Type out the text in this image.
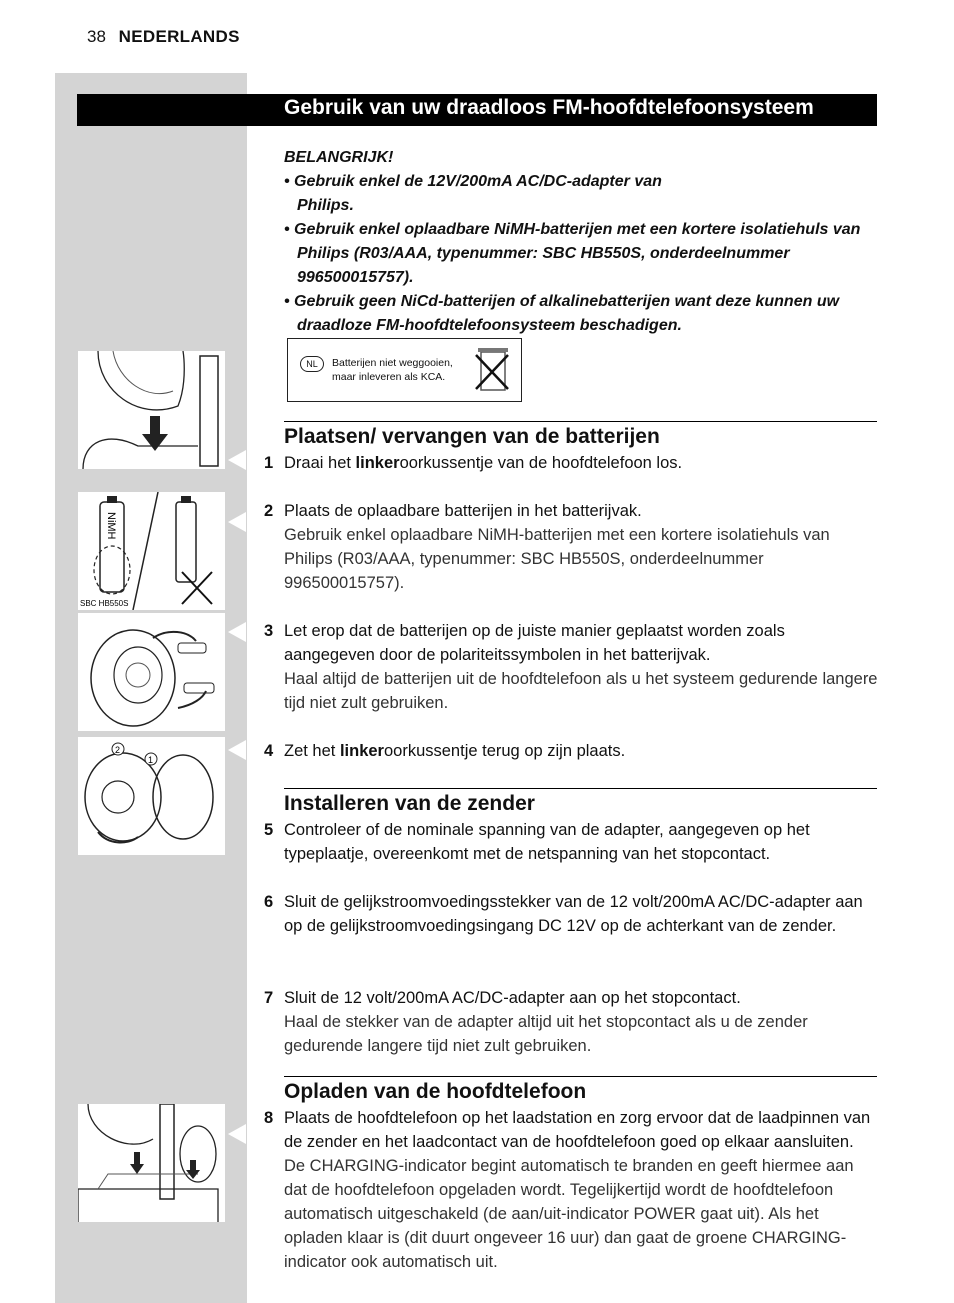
38 NEDERLANDS
Gebruik van uw draadloos FM-hoofdtelefoonsysteem
BELANGRIJK!
• Gebruik enkel de 12V/200mA AC/DC-adapter van Philips.
• Gebruik enkel oplaadbare NiMH-batterijen met een kortere isolatiehuls van Philips (R03/AAA, typenummer: SBC HB550S, onderdeelnummer 996500015757).
• Gebruik geen NiCd-batterijen of alkalinebatterijen want deze kunnen uw draadloze FM-hoofdtelefoonsysteem beschadigen.
NL	Batterijen niet weggooien,
maar inleveren als KCA.
NiMH
SBC HB550S
2
1
Plaatsen/ vervangen van de batterijen
1 Draai het linkeroorkussentje van de hoofdtelefoon los.
2 Plaats de oplaadbare batterijen in het batterijvak.
Gebruik enkel oplaadbare NiMH-batterijen met een kortere isolatiehuls van Philips (R03/AAA, typenummer: SBC HB550S, onderdeelnummer 996500015757).
3 Let erop dat de batterijen op de juiste manier geplaatst worden zoals aangegeven door de polariteitssymbolen in het batterijvak.
Haal altijd de batterijen uit de hoofdtelefoon als u het systeem gedurende langere tijd niet zult gebruiken.
4 Zet het linkeroorkussentje terug op zijn plaats.
Installeren van de zender
5 Controleer of de nominale spanning van de adapter, aangegeven op het typeplaatje, overeenkomt met de netspanning van het stopcontact.
6 Sluit de gelijkstroomvoedingsstekker van de 12 volt/200mA AC/DC-adapter aan op de gelijkstroomvoedingsingang DC 12V op de achterkant van de zender.
7 Sluit de 12 volt/200mA AC/DC-adapter aan op het stopcontact.
Haal de stekker van de adapter altijd uit het stopcontact als u de zender gedurende langere tijd niet zult gebruiken.
Opladen van de hoofdtelefoon
8 Plaats de hoofdtelefoon op het laadstation en zorg ervoor dat de laadpinnen van de zender en het laadcontact van de hoofdtelefoon goed op elkaar aansluiten. De CHARGING-indicator begint automatisch te branden en geeft hiermee aan dat de hoofdtelefoon opgeladen wordt. Tegelijkertijd wordt de hoofdtelefoon automatisch uitgeschakeld (de aan/uit-indicator POWER gaat uit). Als het opladen klaar is (dit duurt ongeveer 16 uur) dan gaat de groene CHARGING-indicator ook automatisch uit.
